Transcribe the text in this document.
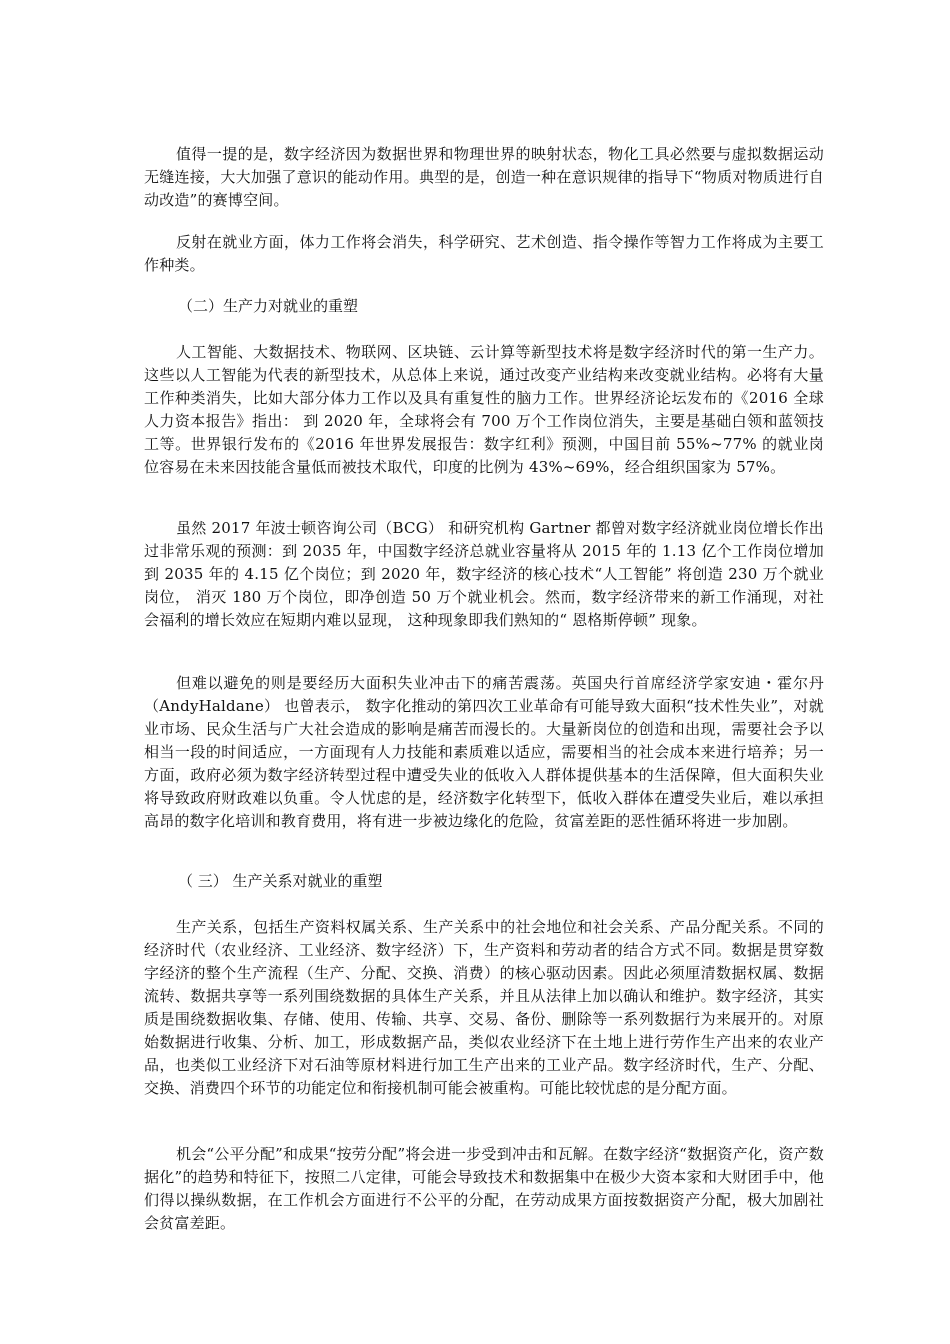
值得一提的是，数字经济因为数据世界和物理世界的映射状态，物化工具必然要与虚拟数据运动无缝连接，大大加强了意识的能动作用。典型的是，创造一种在意识规律的指导下“物质对物质进行自动改造”的赛博空间。

反射在就业方面，体力工作将会消失，科学研究、艺术创造、指令操作等智力工作将成为主要工作种类。

（二）生产力对就业的重塑

人工智能、大数据技术、物联网、区块链、云计算等新型技术将是数字经济时代的第一生产力。这些以人工智能为代表的新型技术，从总体上来说，通过改变产业结构来改变就业结构。必将有大量工作种类消失，比如大部分体力工作以及具有重复性的脑力工作。世界经济论坛发布的《2016 全球人力资本报告》指出： 到 2020 年，全球将会有 700 万个工作岗位消失，主要是基础白领和蓝领技工等。世界银行发布的《2016 年世界发展报告：数字红利》预测，中国目前 55%~77% 的就业岗位容易在未来因技能含量低而被技术取代，印度的比例为 43%~69%，经合组织国家为 57%。

虽然 2017 年波士顿咨询公司（BCG） 和研究机构 Gartner 都曾对数字经济就业岗位增长作出过非常乐观的预测：到 2035 年，中国数字经济总就业容量将从 2015 年的 1.13 亿个工作岗位增加到 2035 年的 4.15 亿个岗位；到 2020 年，数字经济的核心技术“人工智能” 将创造 230 万个就业岗位， 消灭 180 万个岗位，即净创造 50 万个就业机会。然而，数字经济带来的新工作涌现，对社会福利的增长效应在短期内难以显现， 这种现象即我们熟知的“ 恩格斯停顿” 现象。

但难以避免的则是要经历大面积失业冲击下的痛苦震荡。英国央行首席经济学家安迪・霍尔丹（AndyHaldane） 也曾表示， 数字化推动的第四次工业革命有可能导致大面积“技术性失业”，对就业市场、民众生活与广大社会造成的影响是痛苦而漫长的。大量新岗位的创造和出现，需要社会予以相当一段的时间适应，一方面现有人力技能和素质难以适应，需要相当的社会成本来进行培养；另一方面，政府必须为数字经济转型过程中遭受失业的低收入人群体提供基本的生活保障，但大面积失业将导致政府财政难以负重。令人忧虑的是，经济数字化转型下，低收入群体在遭受失业后，难以承担高昂的数字化培训和教育费用，将有进一步被边缘化的危险，贫富差距的恶性循环将进一步加剧。

（ 三） 生产关系对就业的重塑

生产关系，包括生产资料权属关系、生产关系中的社会地位和社会关系、产品分配关系。不同的经济时代（农业经济、工业经济、数字经济）下，生产资料和劳动者的结合方式不同。数据是贯穿数字经济的整个生产流程（生产、分配、交换、消费）的核心驱动因素。因此必须厘清数据权属、数据流转、数据共享等一系列围绕数据的具体生产关系，并且从法律上加以确认和维护。数字经济，其实质是围绕数据收集、存储、使用、传输、共享、交易、备份、删除等一系列数据行为来展开的。对原始数据进行收集、分析、加工，形成数据产品，类似农业经济下在土地上进行劳作生产出来的农业产品，也类似工业经济下对石油等原材料进行加工生产出来的工业产品。数字经济时代，生产、分配、交换、消费四个环节的功能定位和衔接机制可能会被重构。可能比较忧虑的是分配方面。

机会“公平分配”和成果“按劳分配”将会进一步受到冲击和瓦解。在数字经济“数据资产化，资产数据化”的趋势和特征下，按照二八定律，可能会导致技术和数据集中在极少大资本家和大财团手中，他们得以操纵数据，在工作机会方面进行不公平的分配，在劳动成果方面按数据资产分配，极大加剧社会贫富差距。
